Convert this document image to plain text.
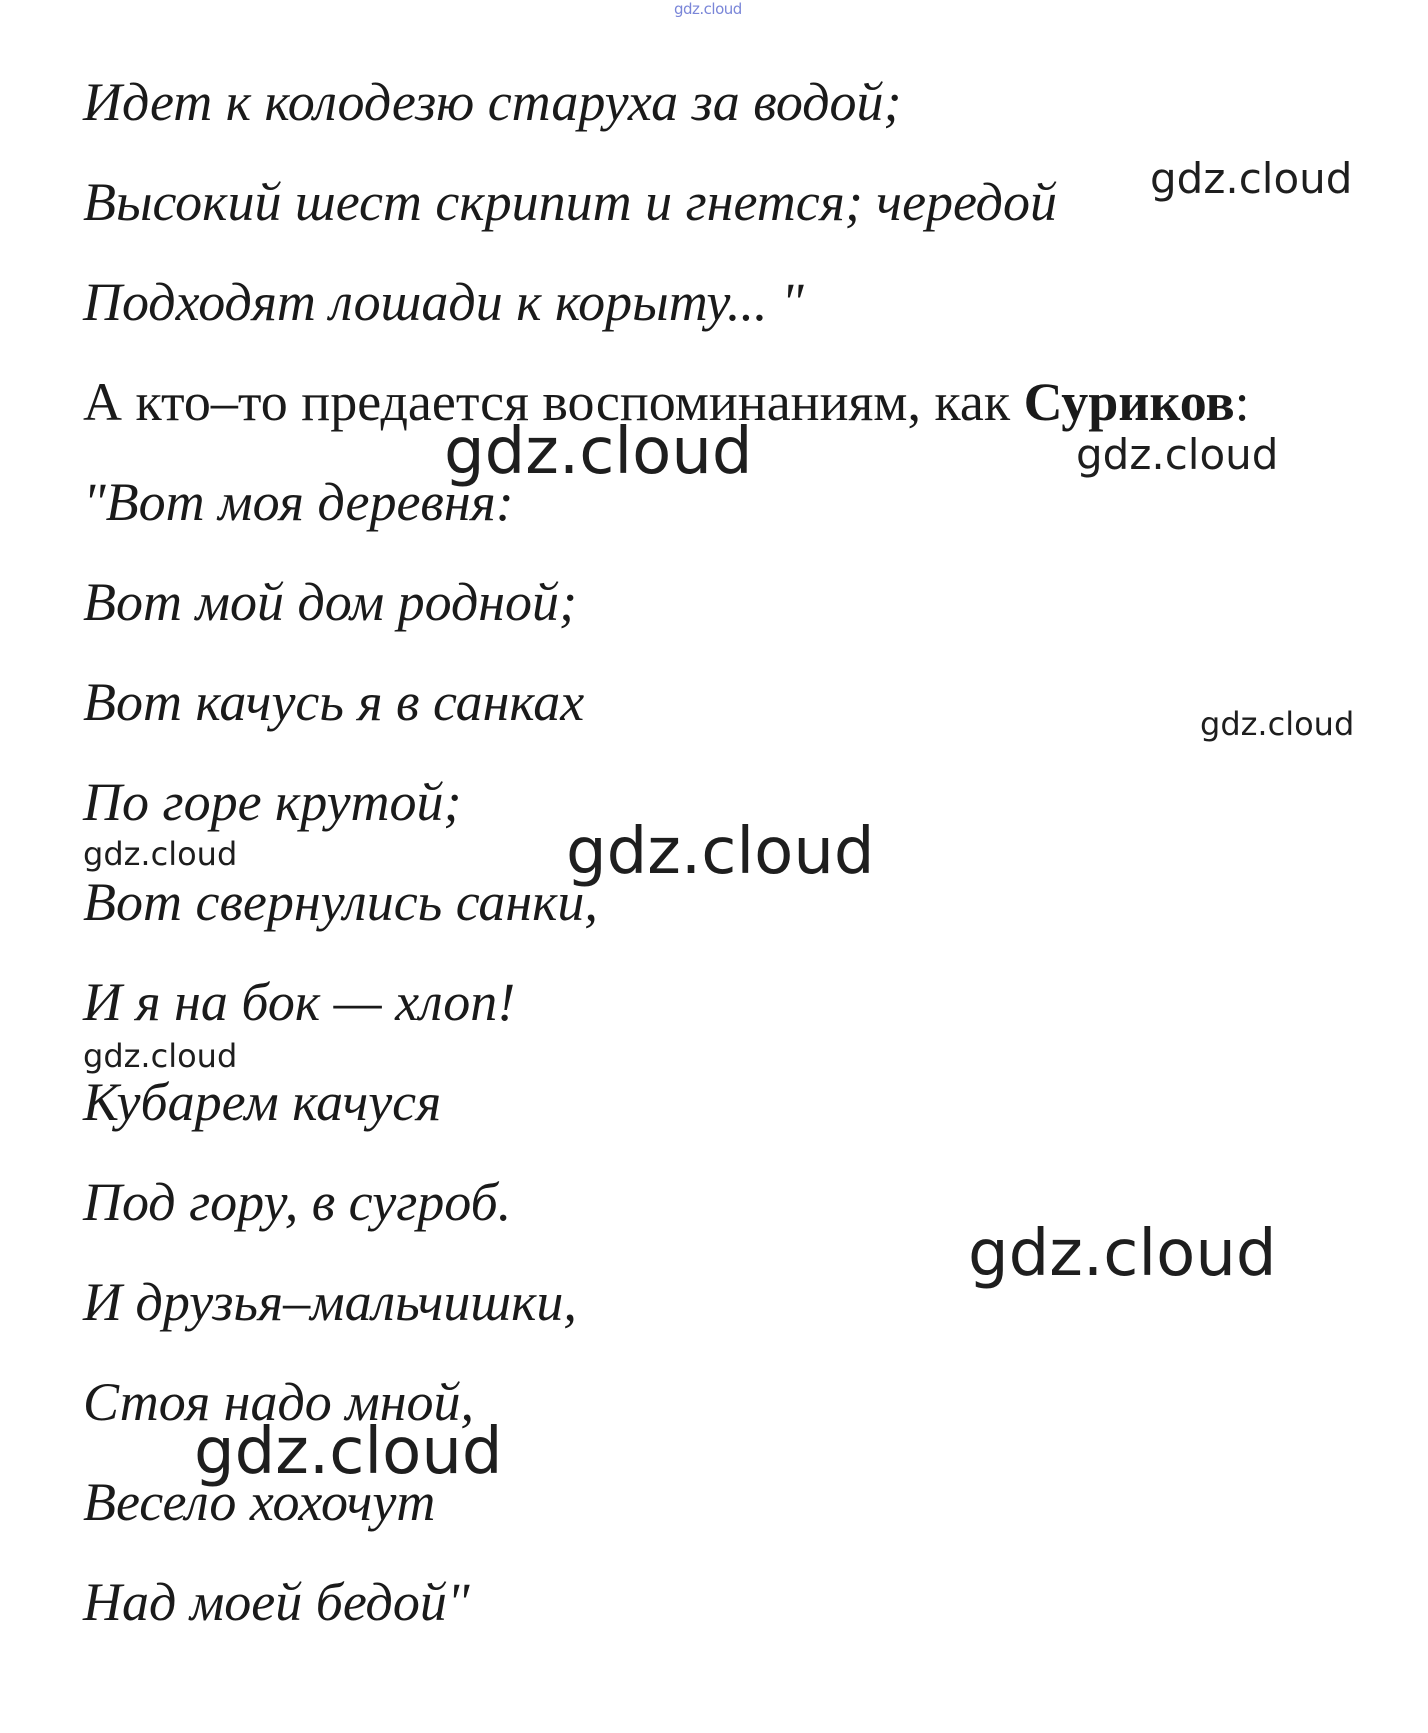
gdz.cloud
Идет к колодезю старуха за водой;
Высокий шест скрипит и гнется; чередой
Подходят лошади к корыту... "
А кто–то предается воспоминаниям, как Суриков:
"Вот моя деревня:
Вот мой дом родной;
Вот качусь я в санках
По горе крутой;
Вот свернулись санки,
И я на бок — хлоп!
Кубарем качуся
Под гору, в сугроб.
И друзья–мальчишки,
Стоя надо мной,
Весело хохочут
Над моей бедой"
gdz.cloud
gdz.cloud	gdz.cloud
gdz.cloud
gdz.cloud	gdz.cloud
gdz.cloud
gdz.cloud
gdz.cloud
